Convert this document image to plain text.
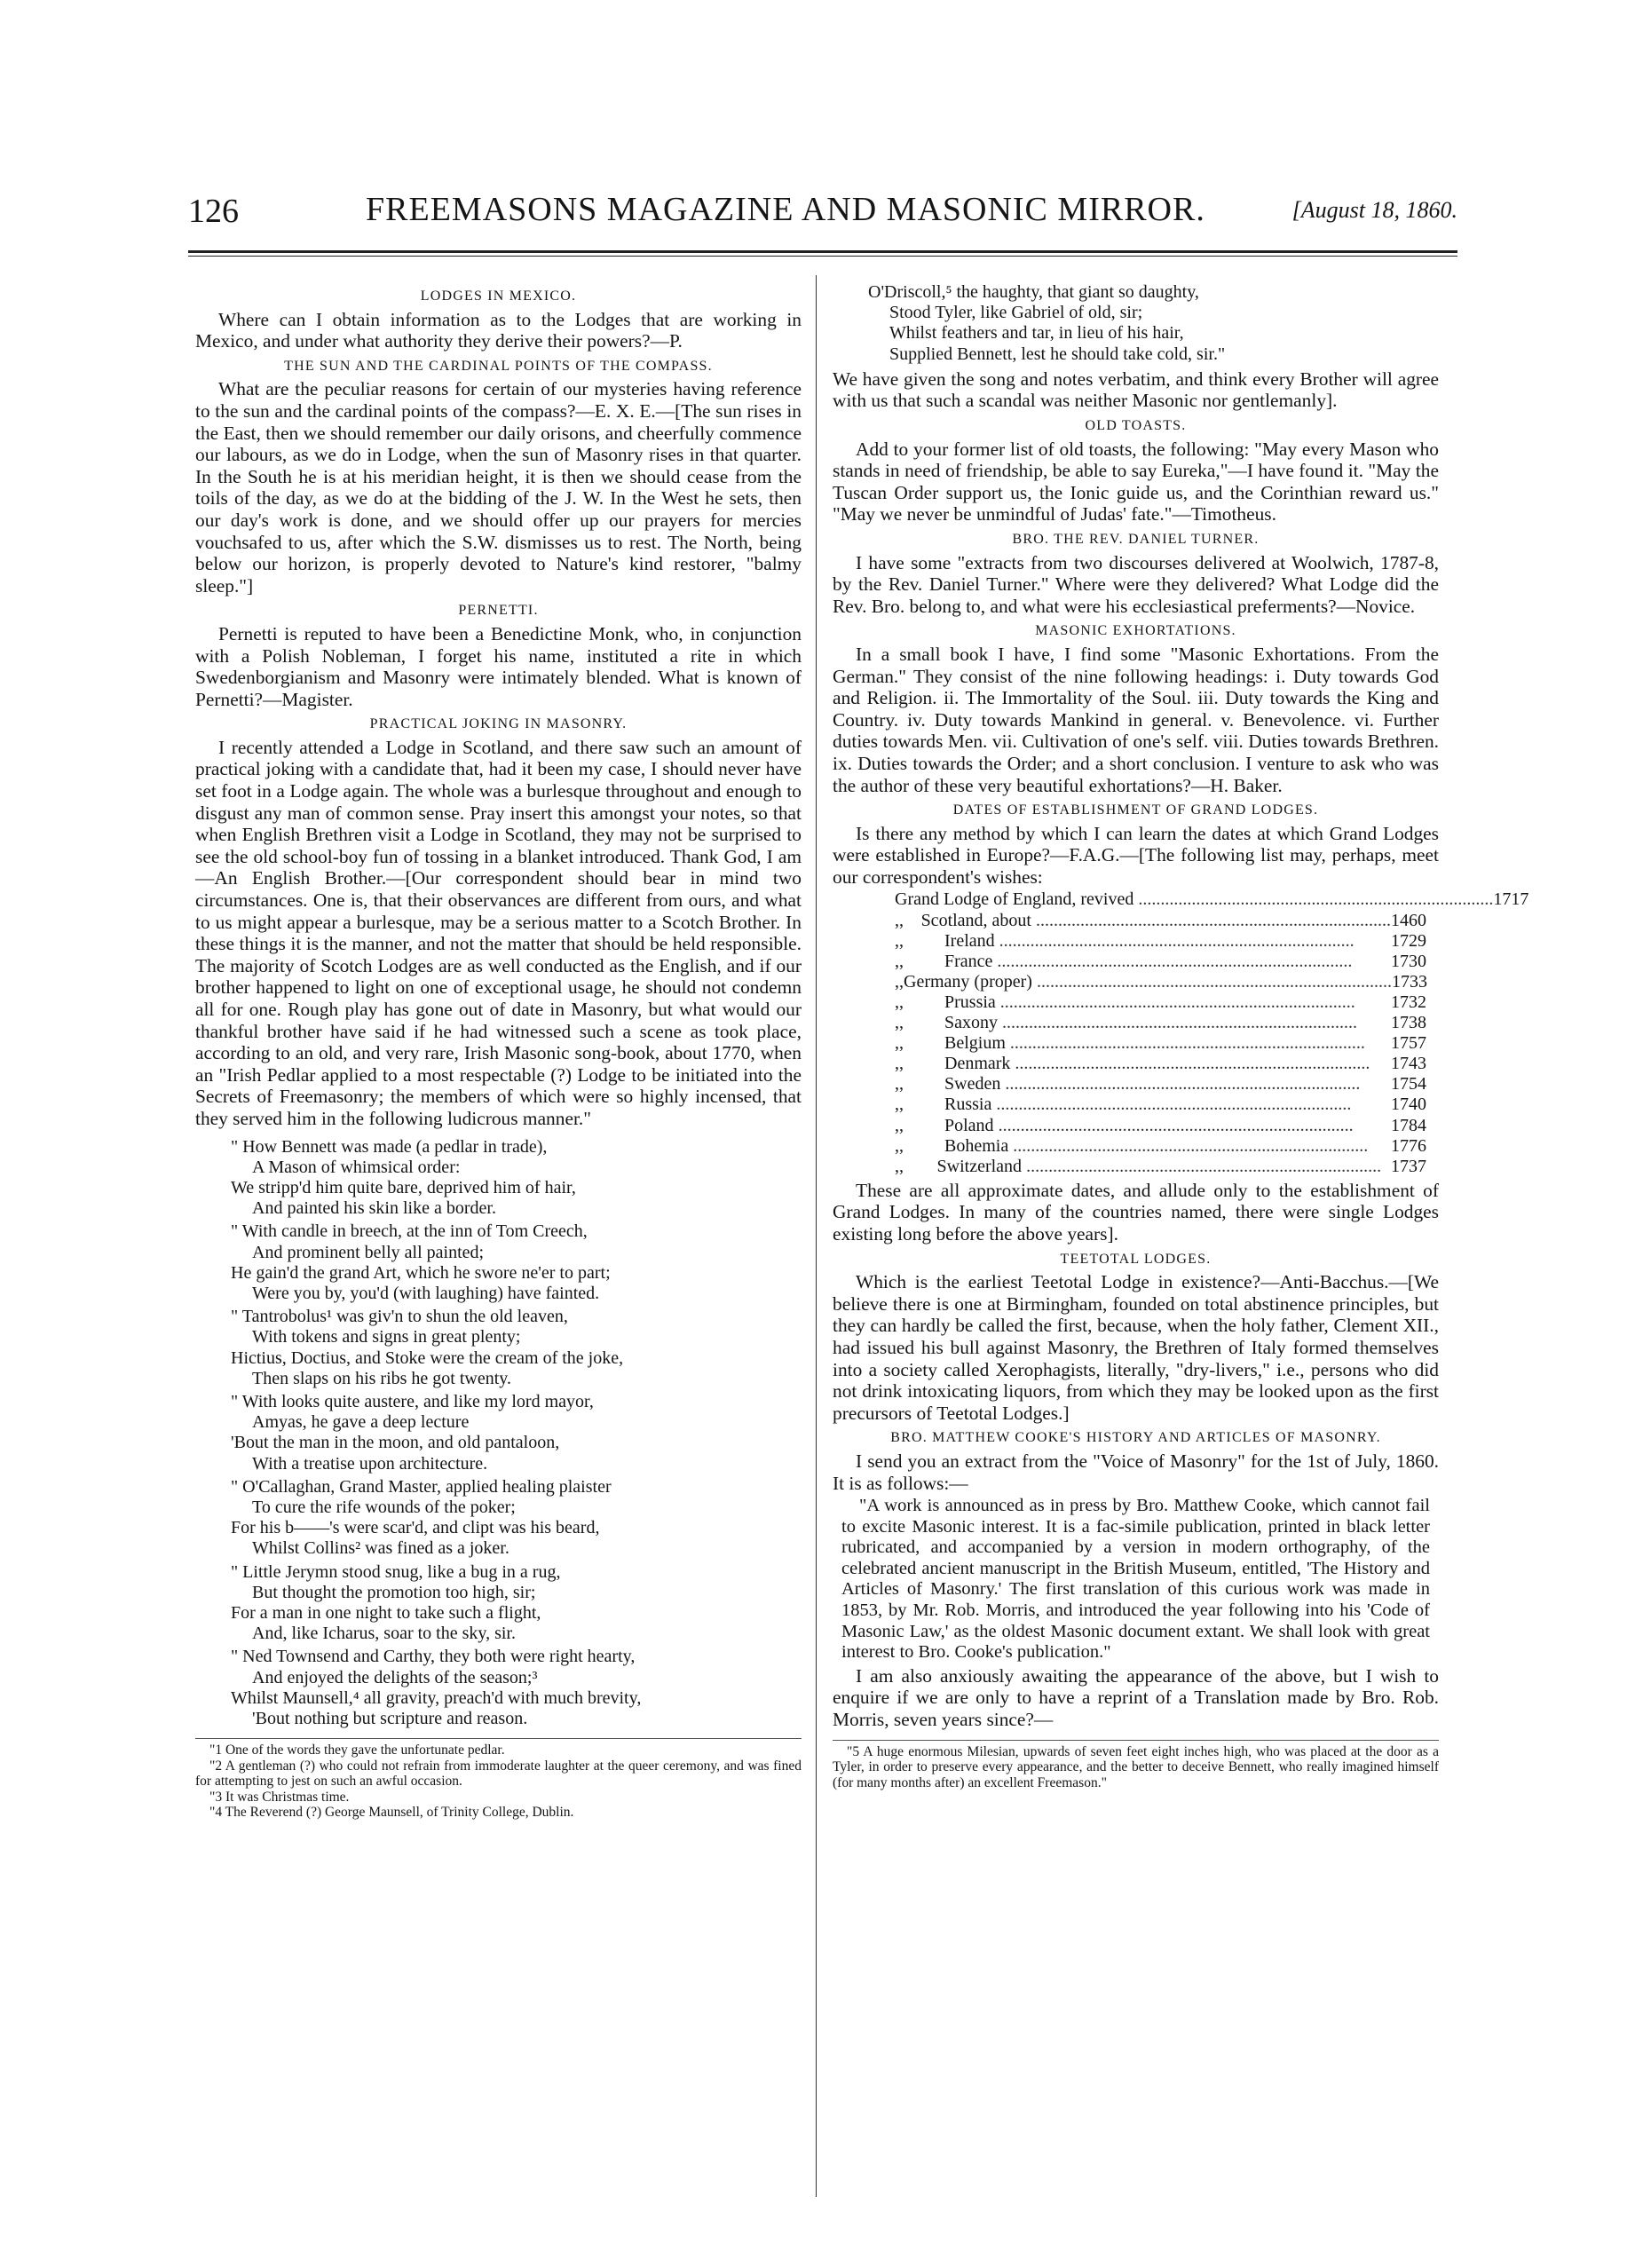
126	FREEMASONS MAGAZINE AND MASONIC MIRROR.	[August 18, 1860.
LODGES IN MEXICO.

Where can I obtain information as to the Lodges that are working in Mexico, and under what authority they derive their powers?—P.

THE SUN AND THE CARDINAL POINTS OF THE COMPASS.

What are the peculiar reasons for certain of our mysteries having reference to the sun and the cardinal points of the compass?—E. X. E.—[The sun rises in the East, then we should remember our daily orisons, and cheerfully commence our labours, as we do in Lodge, when the sun of Masonry rises in that quarter. In the South he is at his meridian height, it is then we should cease from the toils of the day, as we do at the bidding of the J. W. In the West he sets, then our day's work is done, and we should offer up our prayers for mercies vouchsafed to us, after which the S.W. dismisses us to rest. The North, being below our horizon, is properly devoted to Nature's kind restorer, "balmy sleep."]

PERNETTI.

Pernetti is reputed to have been a Benedictine Monk, who, in conjunction with a Polish Nobleman, I forget his name, instituted a rite in which Swedenborgianism and Masonry were intimately blended. What is known of Pernetti?—Magister.

PRACTICAL JOKING IN MASONRY.

I recently attended a Lodge in Scotland, and there saw such an amount of practical joking with a candidate that, had it been my case, I should never have set foot in a Lodge again. The whole was a burlesque throughout and enough to disgust any man of common sense. Pray insert this amongst your notes, so that when English Brethren visit a Lodge in Scotland, they may not be surprised to see the old school-boy fun of tossing in a blanket introduced. Thank God, I am—An English Brother.—[Our correspondent should bear in mind two circumstances. One is, that their observances are different from ours, and what to us might appear a burlesque, may be a serious matter to a Scotch Brother. In these things it is the manner, and not the matter that should be held responsible. The majority of Scotch Lodges are as well conducted as the English, and if our brother happened to light on one of exceptional usage, he should not condemn all for one. Rough play has gone out of date in Masonry, but what would our thankful brother have said if he had witnessed such a scene as took place, according to an old, and very rare, Irish Masonic song-book, about 1770, when an "Irish Pedlar applied to a most respectable (?) Lodge to be initiated into the Secrets of Freemasonry; the members of which were so highly incensed, that they served him in the following ludicrous manner."

" How Bennett was made (a pedlar in trade),
A Mason of whimsical order:
We stripp'd him quite bare, deprived him of hair,
And painted his skin like a border.
" With candle in breech, at the inn of Tom Creech,
And prominent belly all painted;
He gain'd the grand Art, which he swore ne'er to part;
Were you by, you'd (with laughing) have fainted.
" Tantrobolus¹ was giv'n to shun the old leaven,
With tokens and signs in great plenty;
Hictius, Doctius, and Stoke were the cream of the joke,
Then slaps on his ribs he got twenty.
" With looks quite austere, and like my lord mayor,
Amyas, he gave a deep lecture
'Bout the man in the moon, and old pantaloon,
With a treatise upon architecture.
" O'Callaghan, Grand Master, applied healing plaister
To cure the rife wounds of the poker;
For his b——'s were scar'd, and clipt was his beard,
Whilst Collins² was fined as a joker.
" Little Jerymn stood snug, like a bug in a rug,
But thought the promotion too high, sir;
For a man in one night to take such a flight,
And, like Icharus, soar to the sky, sir.
" Ned Townsend and Carthy, they both were right hearty,
And enjoyed the delights of the season;³
Whilst Maunsell,⁴ all gravity, preach'd with much brevity,
'Bout nothing but scripture and reason.

"1 One of the words they gave the unfortunate pedlar.

"2 A gentleman (?) who could not refrain from immoderate laughter at the queer ceremony, and was fined for attempting to jest on such an awful occasion.

"3 It was Christmas time.

"4 The Reverend (?) George Maunsell, of Trinity College, Dublin.

O'Driscoll,⁵ the haughty, that giant so daughty,
Stood Tyler, like Gabriel of old, sir;
Whilst feathers and tar, in lieu of his hair,
Supplied Bennett, lest he should take cold, sir."

We have given the song and notes verbatim, and think every Brother will agree with us that such a scandal was neither Masonic nor gentlemanly].

OLD TOASTS.

Add to your former list of old toasts, the following: "May every Mason who stands in need of friendship, be able to say Eureka,"—I have found it. "May the Tuscan Order support us, the Ionic guide us, and the Corinthian reward us." "May we never be unmindful of Judas' fate."—Timotheus.

BRO. THE REV. DANIEL TURNER.

I have some "extracts from two discourses delivered at Woolwich, 1787-8, by the Rev. Daniel Turner." Where were they delivered? What Lodge did the Rev. Bro. belong to, and what were his ecclesiastical preferments?—Novice.

MASONIC EXHORTATIONS.

In a small book I have, I find some "Masonic Exhortations. From the German." They consist of the nine following headings: i. Duty towards God and Religion. ii. The Immortality of the Soul. iii. Duty towards the King and Country. iv. Duty towards Mankind in general. v. Benevolence. vi. Further duties towards Men. vii. Cultivation of one's self. viii. Duties towards Brethren. ix. Duties towards the Order; and a short conclusion. I venture to ask who was the author of these very beautiful exhortations?—H. Baker.

DATES OF ESTABLISHMENT OF GRAND LODGES.

Is there any method by which I can learn the dates at which Grand Lodges were established in Europe?—F.A.G.—[The following list may, perhaps, meet our correspondent's wishes:

Grand Lodge of England, revived ................................................................................ 1717
,, Scotland, about ................................................................................ 1460
,,	Ireland ................................................................................	1729
,,	France ................................................................................	1730
,, Germany (proper) ................................................................................ 1733
,,	Prussia ................................................................................	1732
,,	Saxony ................................................................................	1738
,,	Belgium ................................................................................	1757
,,	Denmark ................................................................................	1743
,,	Sweden ................................................................................	1754
,,	Russia ................................................................................	1740
,,	Poland ................................................................................	1784
,,	Bohemia ................................................................................	1776
,,	Switzerland ................................................................................ 1737

These are all approximate dates, and allude only to the establishment of Grand Lodges. In many of the countries named, there were single Lodges existing long before the above years].

TEETOTAL LODGES.

Which is the earliest Teetotal Lodge in existence?—Anti-Bacchus.—[We believe there is one at Birmingham, founded on total abstinence principles, but they can hardly be called the first, because, when the holy father, Clement XII., had issued his bull against Masonry, the Brethren of Italy formed themselves into a society called Xerophagists, literally, "dry-livers," i.e., persons who did not drink intoxicating liquors, from which they may be looked upon as the first precursors of Teetotal Lodges.]

BRO. MATTHEW COOKE'S HISTORY AND ARTICLES OF MASONRY.

I send you an extract from the "Voice of Masonry" for the 1st of July, 1860. It is as follows:—

"A work is announced as in press by Bro. Matthew Cooke, which cannot fail to excite Masonic interest. It is a fac-simile publication, printed in black letter rubricated, and accompanied by a version in modern orthography, of the celebrated ancient manuscript in the British Museum, entitled, 'The History and Articles of Masonry.' The first translation of this curious work was made in 1853, by Mr. Rob. Morris, and introduced the year following into his 'Code of Masonic Law,' as the oldest Masonic document extant. We shall look with great interest to Bro. Cooke's publication."

I am also anxiously awaiting the appearance of the above, but I wish to enquire if we are only to have a reprint of a Translation made by Bro. Rob. Morris, seven years since?—

"5 A huge enormous Milesian, upwards of seven feet eight inches high, who was placed at the door as a Tyler, in order to preserve every appearance, and the better to deceive Bennett, who really imagined himself (for many months after) an excellent Freemason."
